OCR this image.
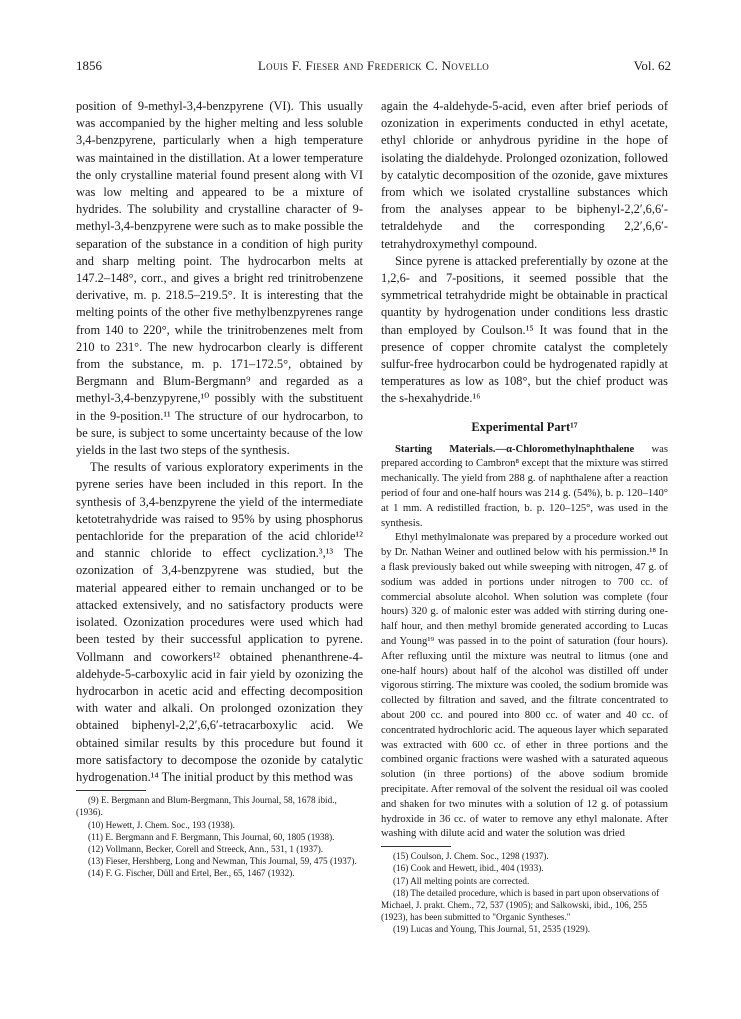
1856	Louis F. Fieser and Frederick C. Novello	Vol. 62

position of 9-methyl-3,4-benzpyrene (VI). This usually was accompanied by the higher melting and less soluble 3,4-benzpyrene, particularly when a high temperature was maintained in the distillation. At a lower temperature the only crystalline material found present along with VI was low melting and appeared to be a mixture of hydrides. The solubility and crystalline character of 9-methyl-3,4-benzpyrene were such as to make possible the separation of the substance in a condition of high purity and sharp melting point. The hydrocarbon melts at 147.2–148°, corr., and gives a bright red trinitrobenzene derivative, m. p. 218.5–219.5°. It is interesting that the melting points of the other five methylbenzpyrenes range from 140 to 220°, while the trinitrobenzenes melt from 210 to 231°. The new hydrocarbon clearly is different from the substance, m. p. 171–172.5°, obtained by Bergmann and Blum-Bergmann⁹ and regarded as a methyl-3,4-benzypyrene,¹⁰ possibly with the substituent in the 9-position.¹¹ The structure of our hydrocarbon, to be sure, is subject to some uncertainty because of the low yields in the last two steps of the synthesis.

The results of various exploratory experiments in the pyrene series have been included in this report. In the synthesis of 3,4-benzpyrene the yield of the intermediate ketotetrahydride was raised to 95% by using phosphorus pentachloride for the preparation of the acid chloride¹² and stannic chloride to effect cyclization.³,¹³ The ozonization of 3,4-benzpyrene was studied, but the material appeared either to remain unchanged or to be attacked extensively, and no satisfactory products were isolated. Ozonization procedures were used which had been tested by their successful application to pyrene. Vollmann and coworkers¹² obtained phenanthrene-4-aldehyde-5-carboxylic acid in fair yield by ozonizing the hydrocarbon in acetic acid and effecting decomposition with water and alkali. On prolonged ozonization they obtained biphenyl-2,2′,6,6′-tetracarboxylic acid. We obtained similar results by this procedure but found it more satisfactory to decompose the ozonide by catalytic hydrogenation.¹⁴ The initial product by this method was

(9) E. Bergmann and Blum-Bergmann, This Journal, 58, 1678 ibid., (1936).

(10) Hewett, J. Chem. Soc., 193 (1938).

(11) E. Bergmann and F. Bergmann, This Journal, 60, 1805 (1938).

(12) Vollmann, Becker, Corell and Streeck, Ann., 531, 1 (1937).

(13) Fieser, Hershberg, Long and Newman, This Journal, 59, 475 (1937).

(14) F. G. Fischer, Düll and Ertel, Ber., 65, 1467 (1932).

again the 4-aldehyde-5-acid, even after brief periods of ozonization in experiments conducted in ethyl acetate, ethyl chloride or anhydrous pyridine in the hope of isolating the dialdehyde. Prolonged ozonization, followed by catalytic decomposition of the ozonide, gave mixtures from which we isolated crystalline substances which from the analyses appear to be biphenyl-2,2′,6,6′-tetraldehyde and the corresponding 2,2′,6,6′-tetrahydroxymethyl compound.

Since pyrene is attacked preferentially by ozone at the 1,2,6- and 7-positions, it seemed possible that the symmetrical tetrahydride might be obtainable in practical quantity by hydrogenation under conditions less drastic than employed by Coulson.¹⁵ It was found that in the presence of copper chromite catalyst the completely sulfur-free hydrocarbon could be hydrogenated rapidly at temperatures as low as 108°, but the chief product was the s-hexahydride.¹⁶

Experimental Part¹⁷

Starting Materials.—α-Chloromethylnaphthalene was prepared according to Cambron⁸ except that the mixture was stirred mechanically. The yield from 288 g. of naphthalene after a reaction period of four and one-half hours was 214 g. (54%), b. p. 120–140° at 1 mm. A redistilled fraction, b. p. 120–125°, was used in the synthesis.

Ethyl methylmalonate was prepared by a procedure worked out by Dr. Nathan Weiner and outlined below with his permission.¹⁸ In a flask previously baked out while sweeping with nitrogen, 47 g. of sodium was added in portions under nitrogen to 700 cc. of commercial absolute alcohol. When solution was complete (four hours) 320 g. of malonic ester was added with stirring during one-half hour, and then methyl bromide generated according to Lucas and Young¹⁹ was passed in to the point of saturation (four hours). After refluxing until the mixture was neutral to litmus (one and one-half hours) about half of the alcohol was distilled off under vigorous stirring. The mixture was cooled, the sodium bromide was collected by filtration and saved, and the filtrate concentrated to about 200 cc. and poured into 800 cc. of water and 40 cc. of concentrated hydrochloric acid. The aqueous layer which separated was extracted with 600 cc. of ether in three portions and the combined organic fractions were washed with a saturated aqueous solution (in three portions) of the above sodium bromide precipitate. After removal of the solvent the residual oil was cooled and shaken for two minutes with a solution of 12 g. of potassium hydroxide in 36 cc. of water to remove any ethyl malonate. After washing with dilute acid and water the solution was dried

(15) Coulson, J. Chem. Soc., 1298 (1937).

(16) Cook and Hewett, ibid., 404 (1933).

(17) All melting points are corrected.

(18) The detailed procedure, which is based in part upon observations of Michael, J. prakt. Chem., 72, 537 (1905); and Salkowski, ibid., 106, 255 (1923), has been submitted to "Organic Syntheses."

(19) Lucas and Young, This Journal, 51, 2535 (1929).
